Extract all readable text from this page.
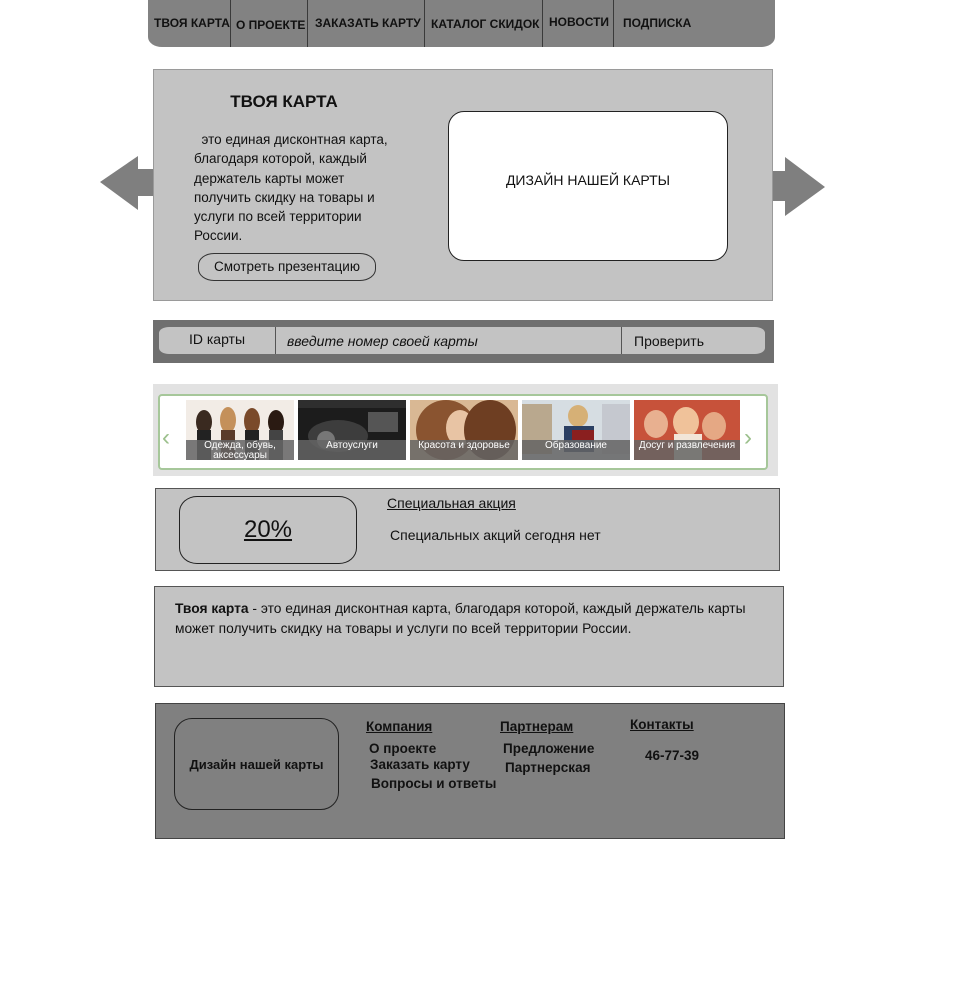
ТВОЯ КАРТА О ПРОЕКТЕ ЗАКАЗАТЬ КАРТУ КАТАЛОГ СКИДОК НОВОСТИ ПОДПИСКА
ТВОЯ КАРТА
это единая дисконтная карта, благодаря которой, каждый держатель карты может получить скидку на товары и услуги по всей территории России.
Смотреть презентацию
ДИЗАЙН НАШЕЙ КАРТЫ
ID карты
введите номер своей карты	Проверить
‹	Одежда, обувь, аксессуары
Автоуслуги	Красота и здоровье	Образование	Досуг и развлечения ›
20%
Специальная акция
Специальных акций сегодня нет
Твоя карта - это единая дисконтная карта, благодаря которой, каждый держатель карты может получить скидку на товары и услуги по всей территории России.
Дизайн нашей карты
Компания
О проекте
Заказать карту
Вопросы и ответы
Партнерам
Предложение
Партнерская
Контакты
46-77-39
